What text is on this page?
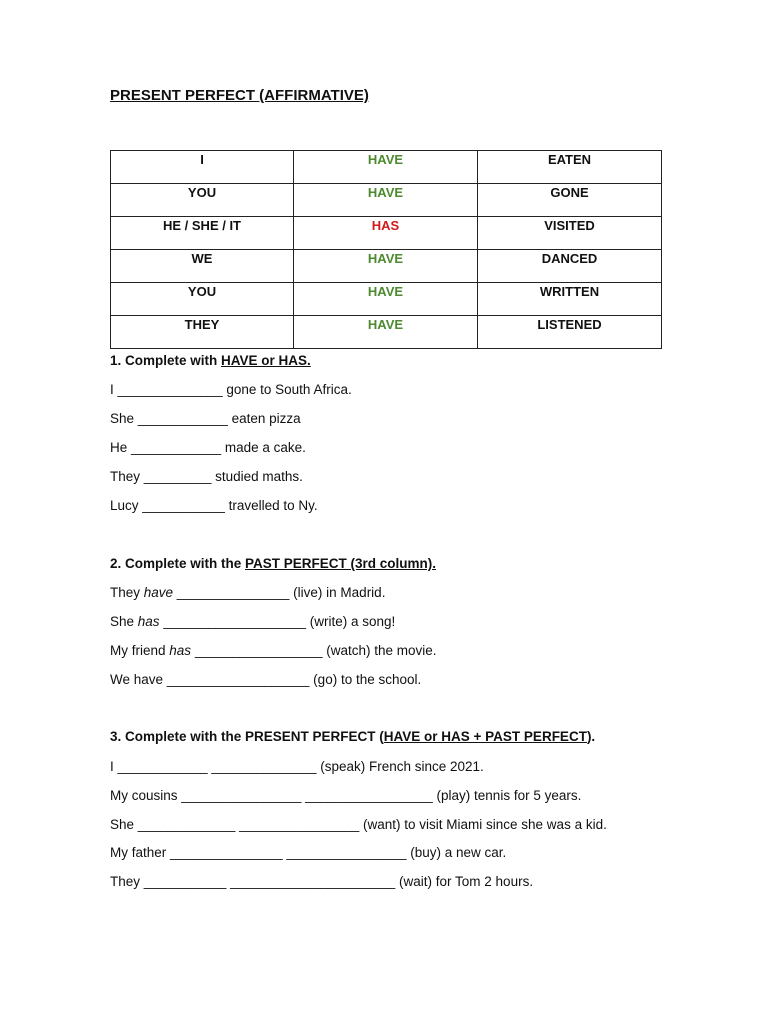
PRESENT PERFECT (AFFIRMATIVE)
I	HAVE	EATEN
YOU	HAVE	GONE
HE / SHE / IT	HAS	VISITED
WE	HAVE	DANCED
YOU	HAVE	WRITTEN
THEY	HAVE	LISTENED
1. Complete with HAVE or HAS.
I ______________ gone to South Africa.
She ____________ eaten pizza
He ____________ made a cake.
They _________ studied maths.
Lucy ___________ travelled to Ny.
2. Complete with the PAST PERFECT (3rd column).
They have _______________ (live) in Madrid.
She has ___________________ (write) a song!
My friend has _________________ (watch) the movie.
We have ___________________ (go) to the school.
3. Complete with the PRESENT PERFECT (HAVE or HAS + PAST PERFECT).
I ____________ ______________ (speak) French since 2021.
My cousins ________________ _________________ (play) tennis for 5 years.
She _____________ ________________ (want) to visit Miami since she was a kid.
My father _______________ ________________ (buy) a new car.
They ___________ ______________________ (wait) for Tom 2 hours.
